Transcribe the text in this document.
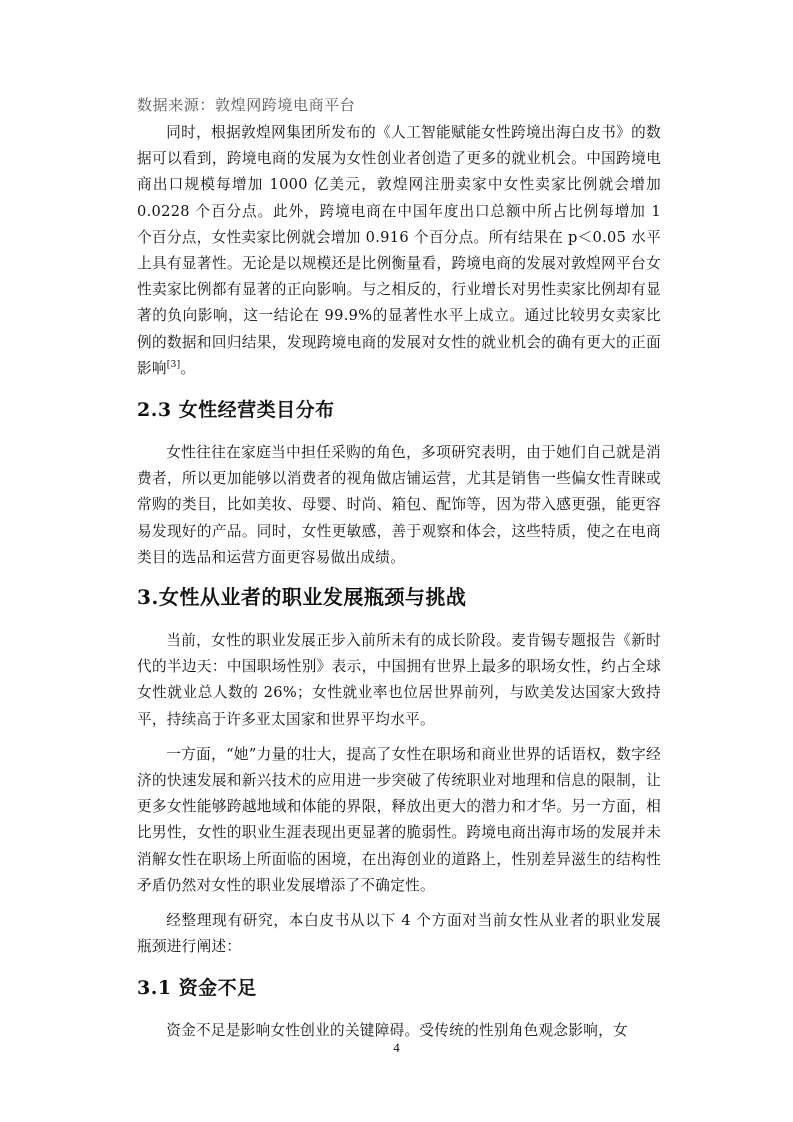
数据来源：敦煌网跨境电商平台

同时，根据敦煌网集团所发布的《人工智能赋能女性跨境出海白皮书》的数据可以看到，跨境电商的发展为女性创业者创造了更多的就业机会。中国跨境电商出口规模每增加 1000 亿美元，敦煌网注册卖家中女性卖家比例就会增加 0.0228 个百分点。此外，跨境电商在中国年度出口总额中所占比例每增加 1 个百分点，女性卖家比例就会增加 0.916 个百分点。所有结果在 p＜0.05 水平上具有显著性。无论是以规模还是比例衡量看，跨境电商的发展对敦煌网平台女性卖家比例都有显著的正向影响。与之相反的，行业增长对男性卖家比例却有显著的负向影响，这一结论在 99.9%的显著性水平上成立。通过比较男女卖家比例的数据和回归结果，发现跨境电商的发展对女性的就业机会的确有更大的正面影响[3]。

2.3 女性经营类目分布

女性往往在家庭当中担任采购的角色，多项研究表明，由于她们自己就是消费者，所以更加能够以消费者的视角做店铺运营，尤其是销售一些偏女性青睐或常购的类目，比如美妆、母婴、时尚、箱包、配饰等，因为带入感更强，能更容易发现好的产品。同时，女性更敏感，善于观察和体会，这些特质，使之在电商类目的选品和运营方面更容易做出成绩。

3.女性从业者的职业发展瓶颈与挑战

当前，女性的职业发展正步入前所未有的成长阶段。麦肯锡专题报告《新时代的半边天：中国职场性别》表示，中国拥有世界上最多的职场女性，约占全球女性就业总人数的 26%；女性就业率也位居世界前列，与欧美发达国家大致持平，持续高于许多亚太国家和世界平均水平。

一方面，“她”力量的壮大，提高了女性在职场和商业世界的话语权，数字经济的快速发展和新兴技术的应用进一步突破了传统职业对地理和信息的限制，让更多女性能够跨越地域和体能的界限，释放出更大的潜力和才华。另一方面，相比男性，女性的职业生涯表现出更显著的脆弱性。跨境电商出海市场的发展并未消解女性在职场上所面临的困境，在出海创业的道路上，性别差异滋生的结构性矛盾仍然对女性的职业发展增添了不确定性。

经整理现有研究，本白皮书从以下 4 个方面对当前女性从业者的职业发展瓶颈进行阐述：

3.1 资金不足

资金不足是影响女性创业的关键障碍。受传统的性别角色观念影响，女

4
